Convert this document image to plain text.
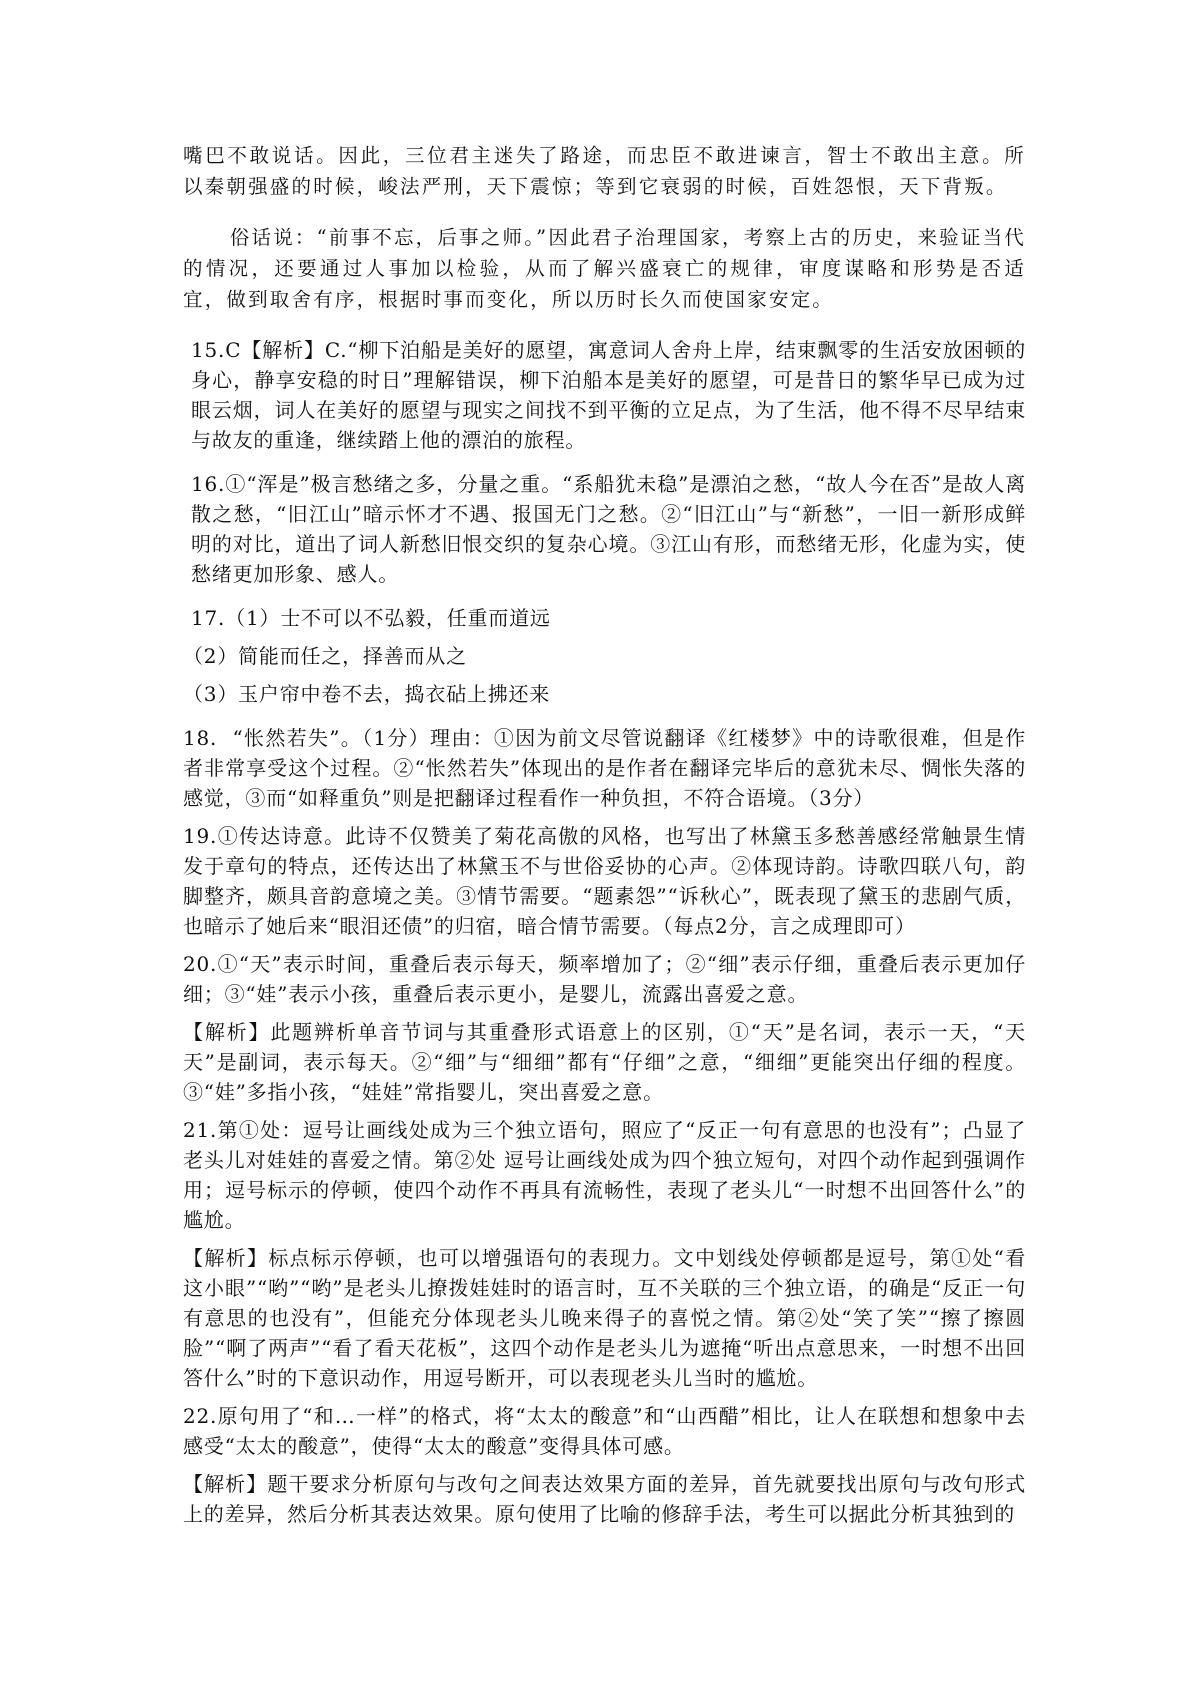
嘴巴不敢说话。因此，三位君主迷失了路途，而忠臣不敢进谏言，智士不敢出主意。所以秦朝强盛的时候，峻法严刑，天下震惊；等到它衰弱的时候，百姓怨恨，天下背叛。

俗话说：“前事不忘，后事之师。”因此君子治理国家，考察上古的历史，来验证当代的情况，还要通过人事加以检验，从而了解兴盛衰亡的规律，审度谋略和形势是否适宜，做到取舍有序，根据时事而变化，所以历时长久而使国家安定。

15.C【解析】C.“柳下泊船是美好的愿望，寓意词人舍舟上岸，结束飘零的生活安放困顿的身心，静享安稳的时日”理解错误，柳下泊船本是美好的愿望，可是昔日的繁华早已成为过眼云烟，词人在美好的愿望与现实之间找不到平衡的立足点，为了生活，他不得不尽早结束与故友的重逢，继续踏上他的漂泊的旅程。

16.①“浑是”极言愁绪之多，分量之重。“系船犹未稳”是漂泊之愁，“故人今在否”是故人离散之愁，“旧江山”暗示怀才不遇、报国无门之愁。②“旧江山”与“新愁”，一旧一新形成鲜明的对比，道出了词人新愁旧恨交织的复杂心境。③江山有形，而愁绪无形，化虚为实，使愁绪更加形象、感人。

17.（1）士不可以不弘毅，任重而道远

（2）简能而任之，择善而从之

（3）玉户帘中卷不去，捣衣砧上拂还来

18.  “怅然若失”。（1分）理由：①因为前文尽管说翻译《红楼梦》中的诗歌很难，但是作者非常享受这个过程。②“怅然若失”体现出的是作者在翻译完毕后的意犹未尽、惆怅失落的感觉，③而“如释重负”则是把翻译过程看作一种负担，不符合语境。（3分）

19.①传达诗意。此诗不仅赞美了菊花高傲的风格，也写出了林黛玉多愁善感经常触景生情发于章句的特点，还传达出了林黛玉不与世俗妥协的心声。②体现诗韵。诗歌四联八句，韵脚整齐，颇具音韵意境之美。③情节需要。“题素怨”“诉秋心”，既表现了黛玉的悲剧气质，也暗示了她后来“眼泪还债”的归宿，暗合情节需要。（每点2分，言之成理即可）

20.①“天”表示时间，重叠后表示每天，频率增加了；②“细”表示仔细，重叠后表示更加仔细；③“娃”表示小孩，重叠后表示更小，是婴儿，流露出喜爱之意。

【解析】此题辨析单音节词与其重叠形式语意上的区别，①“天”是名词，表示一天，“天天”是副词，表示每天。②“细”与“细细”都有“仔细”之意，“细细”更能突出仔细的程度。③“娃”多指小孩，“娃娃”常指婴儿，突出喜爱之意。

21.第①处：逗号让画线处成为三个独立语句，照应了“反正一句有意思的也没有”；凸显了老头儿对娃娃的喜爱之情。第②处 逗号让画线处成为四个独立短句，对四个动作起到强调作用；逗号标示的停顿，使四个动作不再具有流畅性，表现了老头儿“一时想不出回答什么”的尴尬。

【解析】标点标示停顿，也可以增强语句的表现力。文中划线处停顿都是逗号，第①处“看这小眼”“哟”“哟”是老头儿撩拨娃娃时的语言时，互不关联的三个独立语，的确是“反正一句有意思的也没有”，但能充分体现老头儿晚来得子的喜悦之情。第②处“笑了笑”“擦了擦圆脸”“啊了两声”“看了看天花板”，这四个动作是老头儿为遮掩“听出点意思来，一时想不出回答什么”时的下意识动作，用逗号断开，可以表现老头儿当时的尴尬。

22.原句用了“和…一样”的格式，将“太太的酸意”和“山西醋”相比，让人在联想和想象中去感受“太太的酸意”，使得“太太的酸意”变得具体可感。

【解析】题干要求分析原句与改句之间表达效果方面的差异，首先就要找出原句与改句形式上的差异，然后分析其表达效果。原句使用了比喻的修辞手法，考生可以据此分析其独到的
